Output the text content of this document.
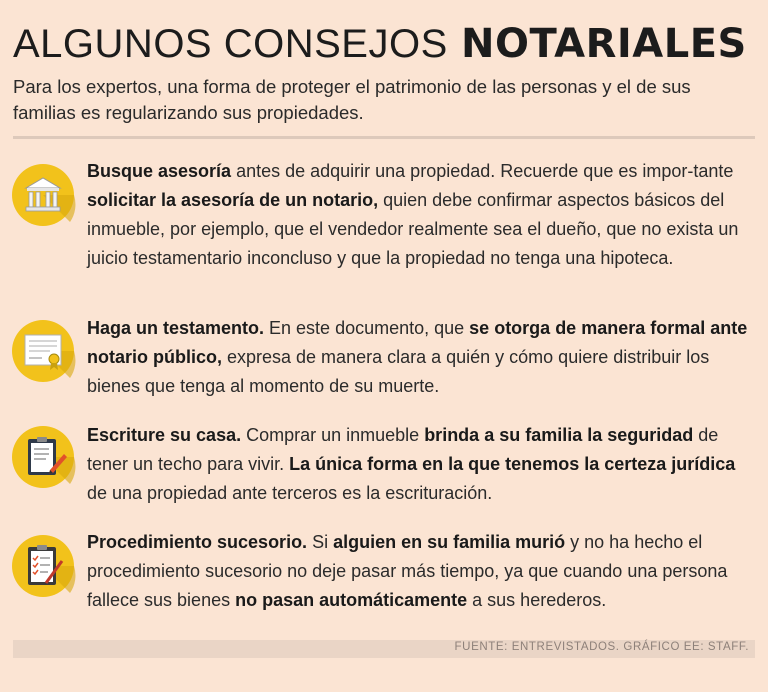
ALGUNOS CONSEJOS NOTARIALES
Para los expertos, una forma de proteger el patrimonio de las personas y el de sus familias es regularizando sus propiedades.
Busque asesoría antes de adquirir una propiedad. Recuerde que es impor-tante solicitar la asesoría de un notario, quien debe confirmar aspectos básicos del inmueble, por ejemplo, que el vendedor realmente sea el dueño, que no exista un juicio testamentario inconcluso y que la propiedad no tenga una hipoteca.
Haga un testamento. En este documento, que se otorga de manera formal ante notario público, expresa de manera clara a quién y cómo quiere distribuir los bienes que tenga al momento de su muerte.
Escriture su casa. Comprar un inmueble brinda a su familia la seguridad de tener un techo para vivir. La única forma en la que tenemos la certeza jurídica de una propiedad ante terceros es la escrituración.
Procedimiento sucesorio. Si alguien en su familia murió y no ha hecho el procedimiento sucesorio no deje pasar más tiempo, ya que cuando una persona fallece sus bienes no pasan automáticamente a sus herederos.
FUENTE: ENTREVISTADOS. GRÁFICO EE: STAFF.
